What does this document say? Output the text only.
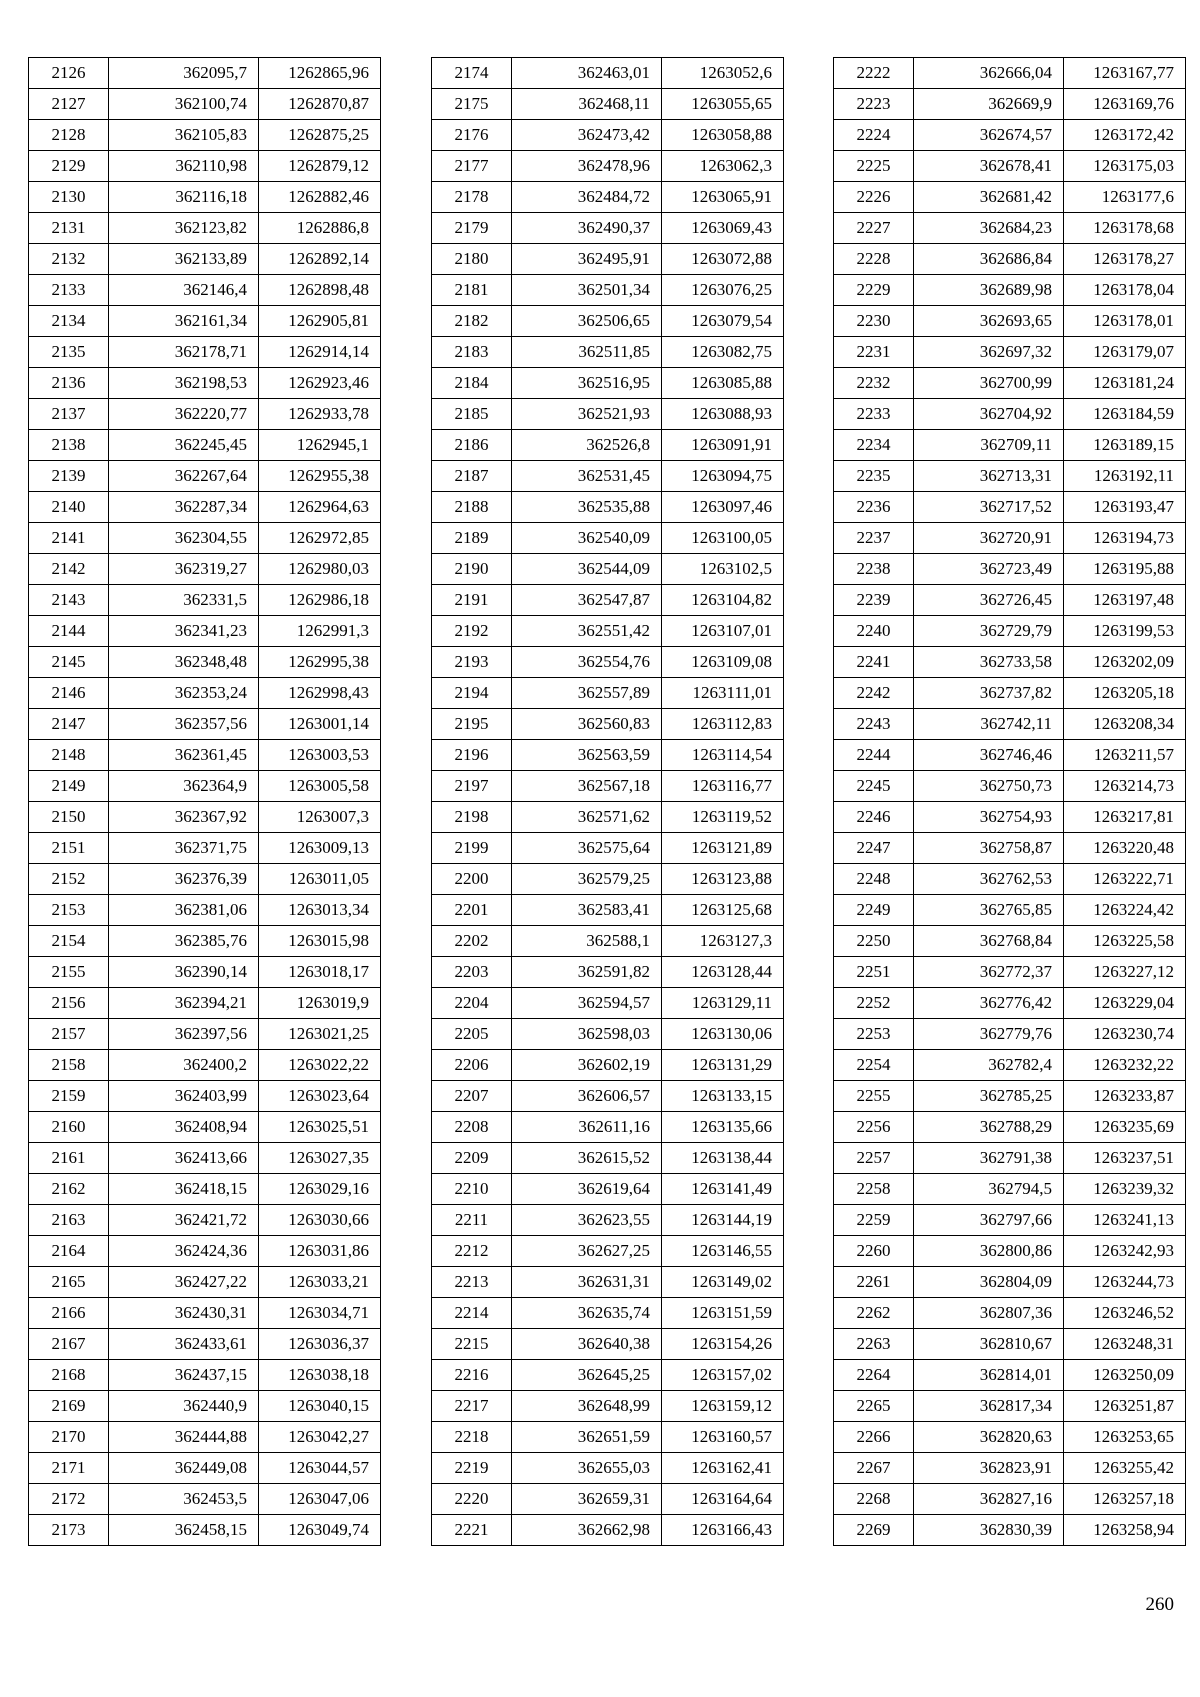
2126	362095,7	1262865,96
2127	362100,74	1262870,87
2128	362105,83	1262875,25
2129	362110,98	1262879,12
2130	362116,18	1262882,46
2131	362123,82	1262886,8
2132	362133,89	1262892,14
2133	362146,4	1262898,48
2134	362161,34	1262905,81
2135	362178,71	1262914,14
2136	362198,53	1262923,46
2137	362220,77	1262933,78
2138	362245,45	1262945,1
2139	362267,64	1262955,38
2140	362287,34	1262964,63
2141	362304,55	1262972,85
2142	362319,27	1262980,03
2143	362331,5	1262986,18
2144	362341,23	1262991,3
2145	362348,48	1262995,38
2146	362353,24	1262998,43
2147	362357,56	1263001,14
2148	362361,45	1263003,53
2149	362364,9	1263005,58
2150	362367,92	1263007,3
2151	362371,75	1263009,13
2152	362376,39	1263011,05
2153	362381,06	1263013,34
2154	362385,76	1263015,98
2155	362390,14	1263018,17
2156	362394,21	1263019,9
2157	362397,56	1263021,25
2158	362400,2	1263022,22
2159	362403,99	1263023,64
2160	362408,94	1263025,51
2161	362413,66	1263027,35
2162	362418,15	1263029,16
2163	362421,72	1263030,66
2164	362424,36	1263031,86
2165	362427,22	1263033,21
2166	362430,31	1263034,71
2167	362433,61	1263036,37
2168	362437,15	1263038,18
2169	362440,9	1263040,15
2170	362444,88	1263042,27
2171	362449,08	1263044,57
2172	362453,5	1263047,06
2173	362458,15	1263049,74
2174	362463,01	1263052,6
2175	362468,11	1263055,65
2176	362473,42	1263058,88
2177	362478,96	1263062,3
2178	362484,72	1263065,91
2179	362490,37	1263069,43
2180	362495,91	1263072,88
2181	362501,34	1263076,25
2182	362506,65	1263079,54
2183	362511,85	1263082,75
2184	362516,95	1263085,88
2185	362521,93	1263088,93
2186	362526,8	1263091,91
2187	362531,45	1263094,75
2188	362535,88	1263097,46
2189	362540,09	1263100,05
2190	362544,09	1263102,5
2191	362547,87	1263104,82
2192	362551,42	1263107,01
2193	362554,76	1263109,08
2194	362557,89	1263111,01
2195	362560,83	1263112,83
2196	362563,59	1263114,54
2197	362567,18	1263116,77
2198	362571,62	1263119,52
2199	362575,64	1263121,89
2200	362579,25	1263123,88
2201	362583,41	1263125,68
2202	362588,1	1263127,3
2203	362591,82	1263128,44
2204	362594,57	1263129,11
2205	362598,03	1263130,06
2206	362602,19	1263131,29
2207	362606,57	1263133,15
2208	362611,16	1263135,66
2209	362615,52	1263138,44
2210	362619,64	1263141,49
2211	362623,55	1263144,19
2212	362627,25	1263146,55
2213	362631,31	1263149,02
2214	362635,74	1263151,59
2215	362640,38	1263154,26
2216	362645,25	1263157,02
2217	362648,99	1263159,12
2218	362651,59	1263160,57
2219	362655,03	1263162,41
2220	362659,31	1263164,64
2221	362662,98	1263166,43
2222	362666,04	1263167,77
2223	362669,9	1263169,76
2224	362674,57	1263172,42
2225	362678,41	1263175,03
2226	362681,42	1263177,6
2227	362684,23	1263178,68
2228	362686,84	1263178,27
2229	362689,98	1263178,04
2230	362693,65	1263178,01
2231	362697,32	1263179,07
2232	362700,99	1263181,24
2233	362704,92	1263184,59
2234	362709,11	1263189,15
2235	362713,31	1263192,11
2236	362717,52	1263193,47
2237	362720,91	1263194,73
2238	362723,49	1263195,88
2239	362726,45	1263197,48
2240	362729,79	1263199,53
2241	362733,58	1263202,09
2242	362737,82	1263205,18
2243	362742,11	1263208,34
2244	362746,46	1263211,57
2245	362750,73	1263214,73
2246	362754,93	1263217,81
2247	362758,87	1263220,48
2248	362762,53	1263222,71
2249	362765,85	1263224,42
2250	362768,84	1263225,58
2251	362772,37	1263227,12
2252	362776,42	1263229,04
2253	362779,76	1263230,74
2254	362782,4	1263232,22
2255	362785,25	1263233,87
2256	362788,29	1263235,69
2257	362791,38	1263237,51
2258	362794,5	1263239,32
2259	362797,66	1263241,13
2260	362800,86	1263242,93
2261	362804,09	1263244,73
2262	362807,36	1263246,52
2263	362810,67	1263248,31
2264	362814,01	1263250,09
2265	362817,34	1263251,87
2266	362820,63	1263253,65
2267	362823,91	1263255,42
2268	362827,16	1263257,18
2269	362830,39	1263258,94
260
